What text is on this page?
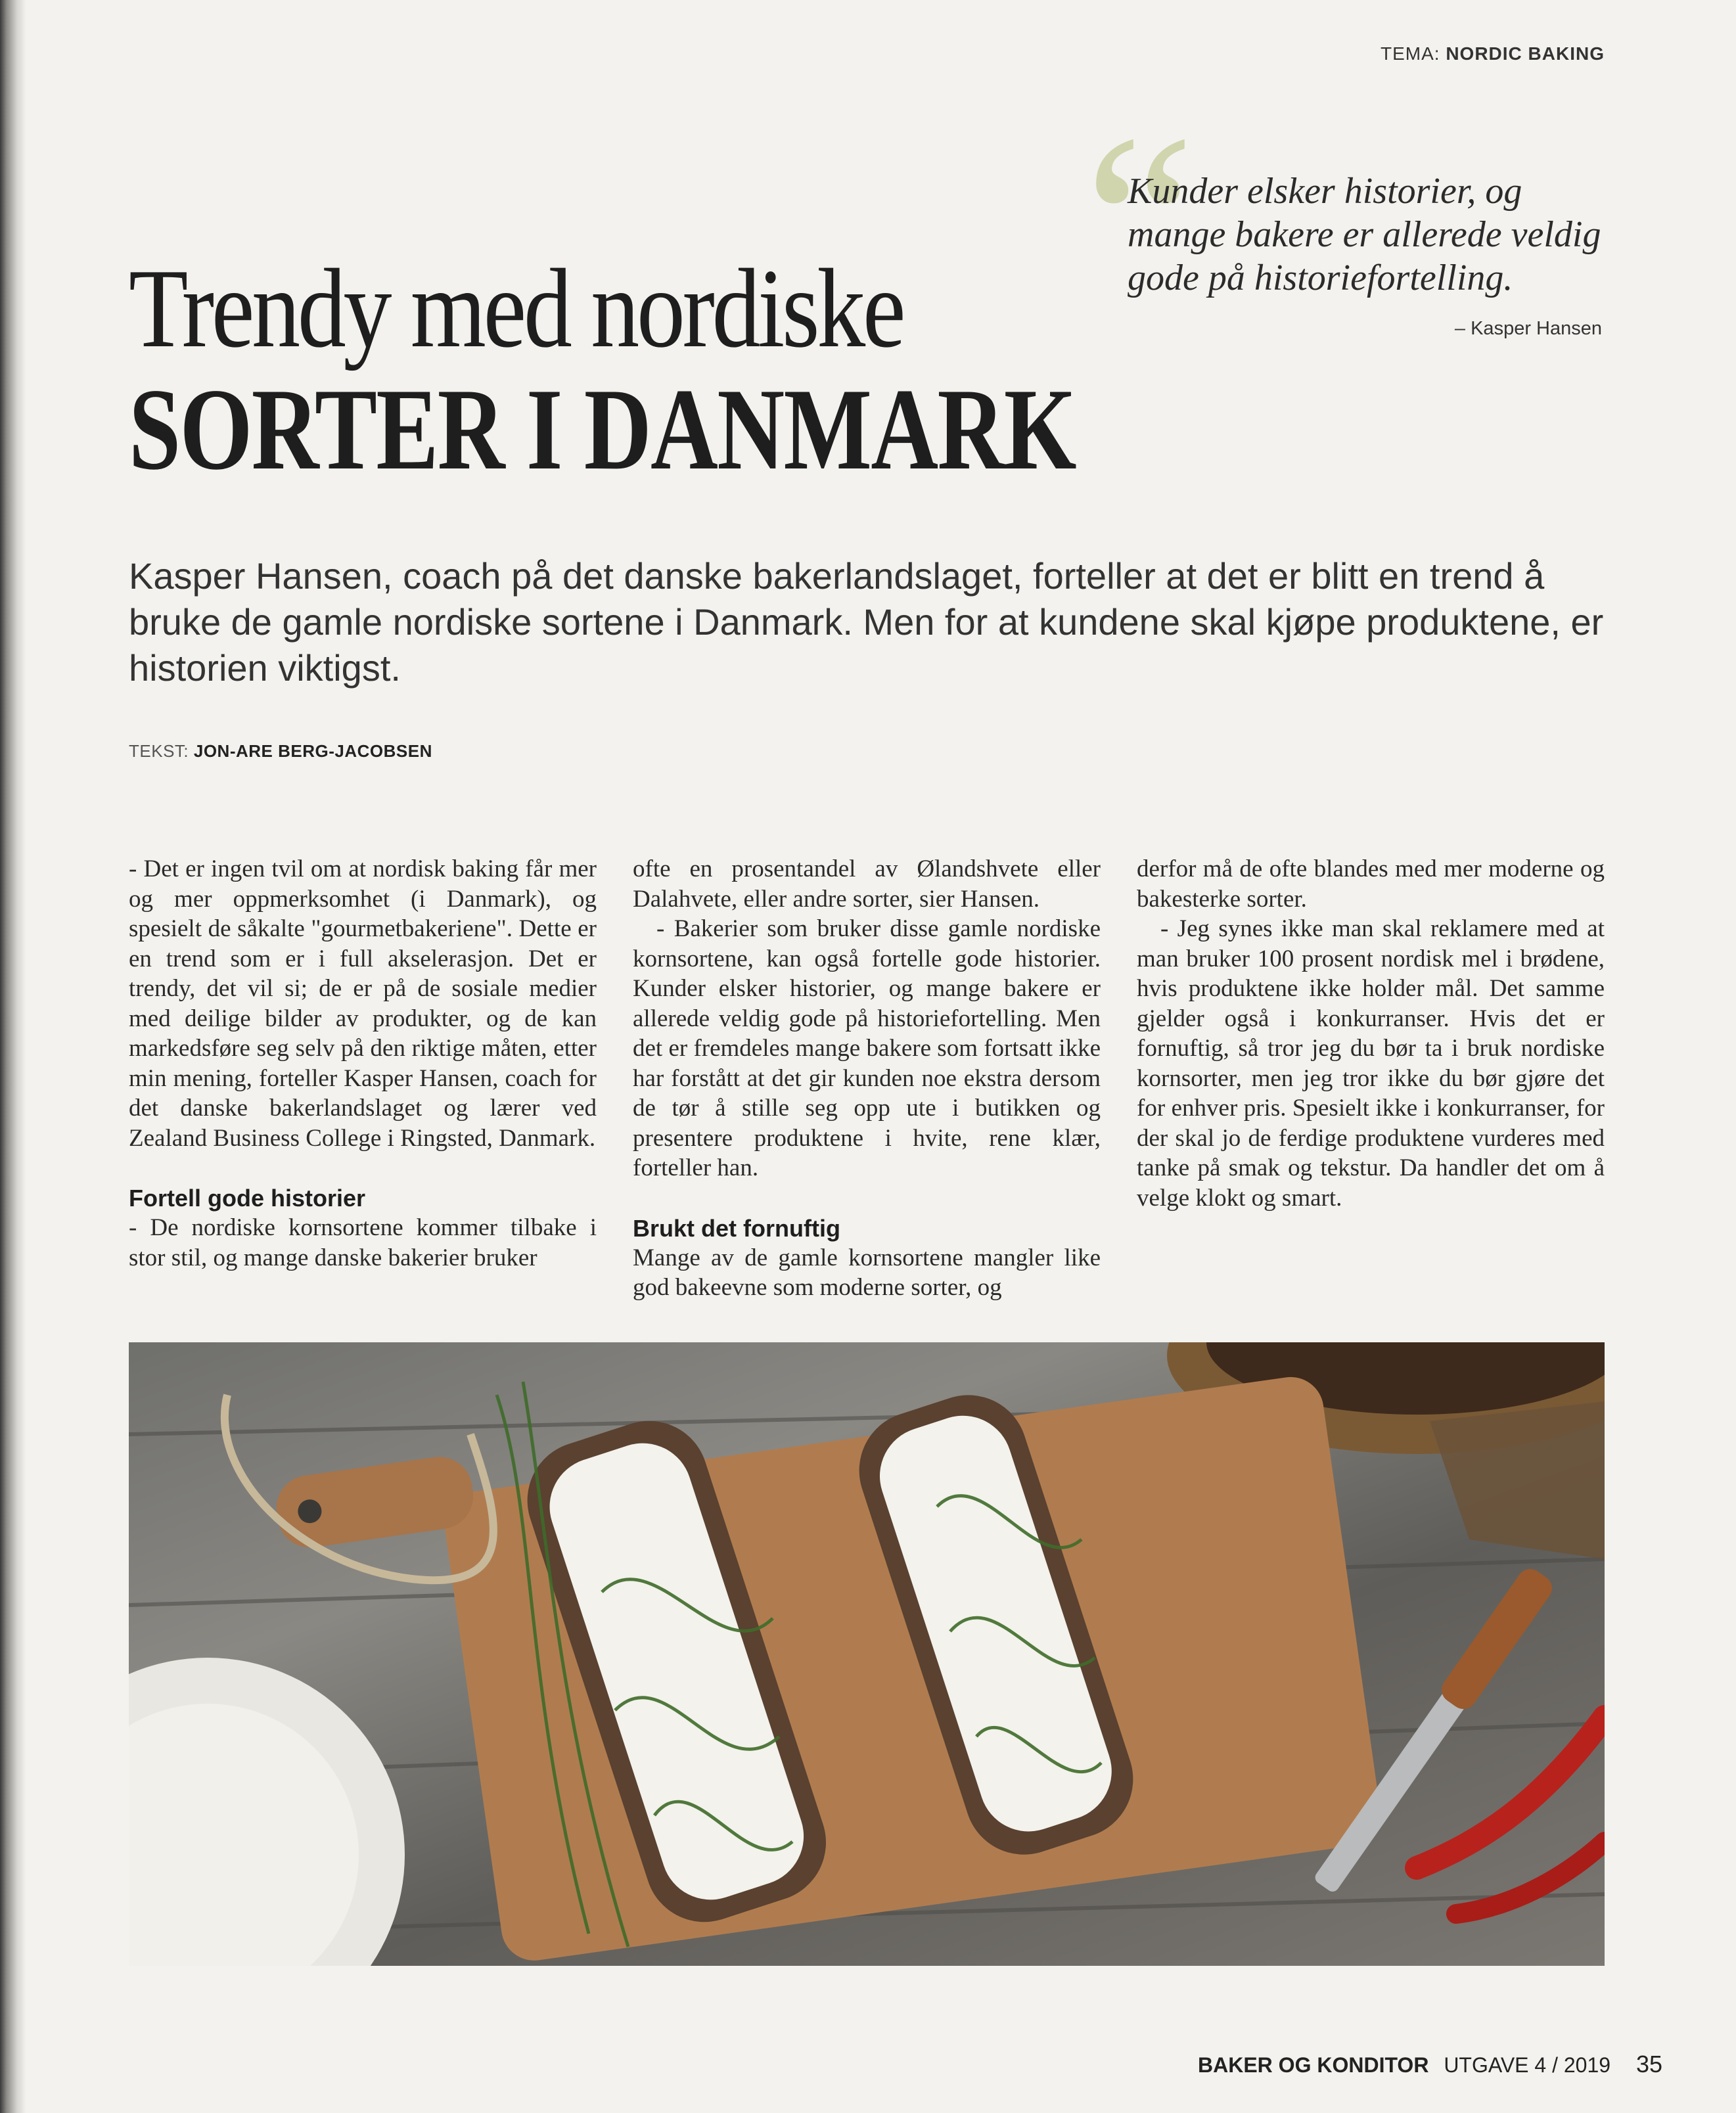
TEMA: NORDIC BAKING
Trendy med nordiske
SORTER I DANMARK
“
Kunder elsker historier, og mange bakere er allerede veldig gode på historiefortelling.
– Kasper Hansen
Kasper Hansen, coach på det danske bakerlandslaget, forteller at det er blitt en trend å bruke de gamle nordiske sortene i Danmark. Men for at kundene skal kjøpe produktene, er historien viktigst.
TEKST: JON-ARE BERG-JACOBSEN

- Det er ingen tvil om at nordisk baking får mer og mer oppmerksomhet (i Danmark), og spesielt de såkalte "gourmetbakeriene". Dette er en trend som er i full akselerasjon. Det er trendy, det vil si; de er på de sosiale medier med deilige bilder av produkter, og de kan markedsføre seg selv på den riktige måten, etter min mening, forteller Kasper Hansen, coach for det danske bakerlandslaget og lærer ved Zealand Business College i Ringsted, Danmark.

Fortell gode historier

- De nordiske kornsortene kommer tilbake i stor stil, og mange danske bakerier bruker

ofte en prosentandel av Ølandshvete eller Dalahvete, eller andre sorter, sier Hansen.

- Bakerier som bruker disse gamle nordiske kornsortene, kan også fortelle gode historier. Kunder elsker historier, og mange bakere er allerede veldig gode på historiefortelling. Men det er fremdeles mange bakere som fortsatt ikke har forstått at det gir kunden noe ekstra dersom de tør å stille seg opp ute i butikken og presentere produktene i hvite, rene klær, forteller han.

Brukt det fornuftig

Mange av de gamle kornsortene mangler like god bakeevne som moderne sorter, og

derfor må de ofte blandes med mer moderne og bakesterke sorter.

- Jeg synes ikke man skal reklamere med at man bruker 100 prosent nordisk mel i brødene, hvis produktene ikke holder mål. Det samme gjelder også i konkurranser. Hvis det er fornuftig, så tror jeg du bør ta i bruk nordiske kornsorter, men jeg tror ikke du bør gjøre det for enhver pris. Spesielt ikke i konkurranser, for der skal jo de ferdige produktene vurderes med tanke på smak og tekstur. Da handler det om å velge klokt og smart.

BAKER OG KONDITOR UTGAVE 4 / 2019 35
